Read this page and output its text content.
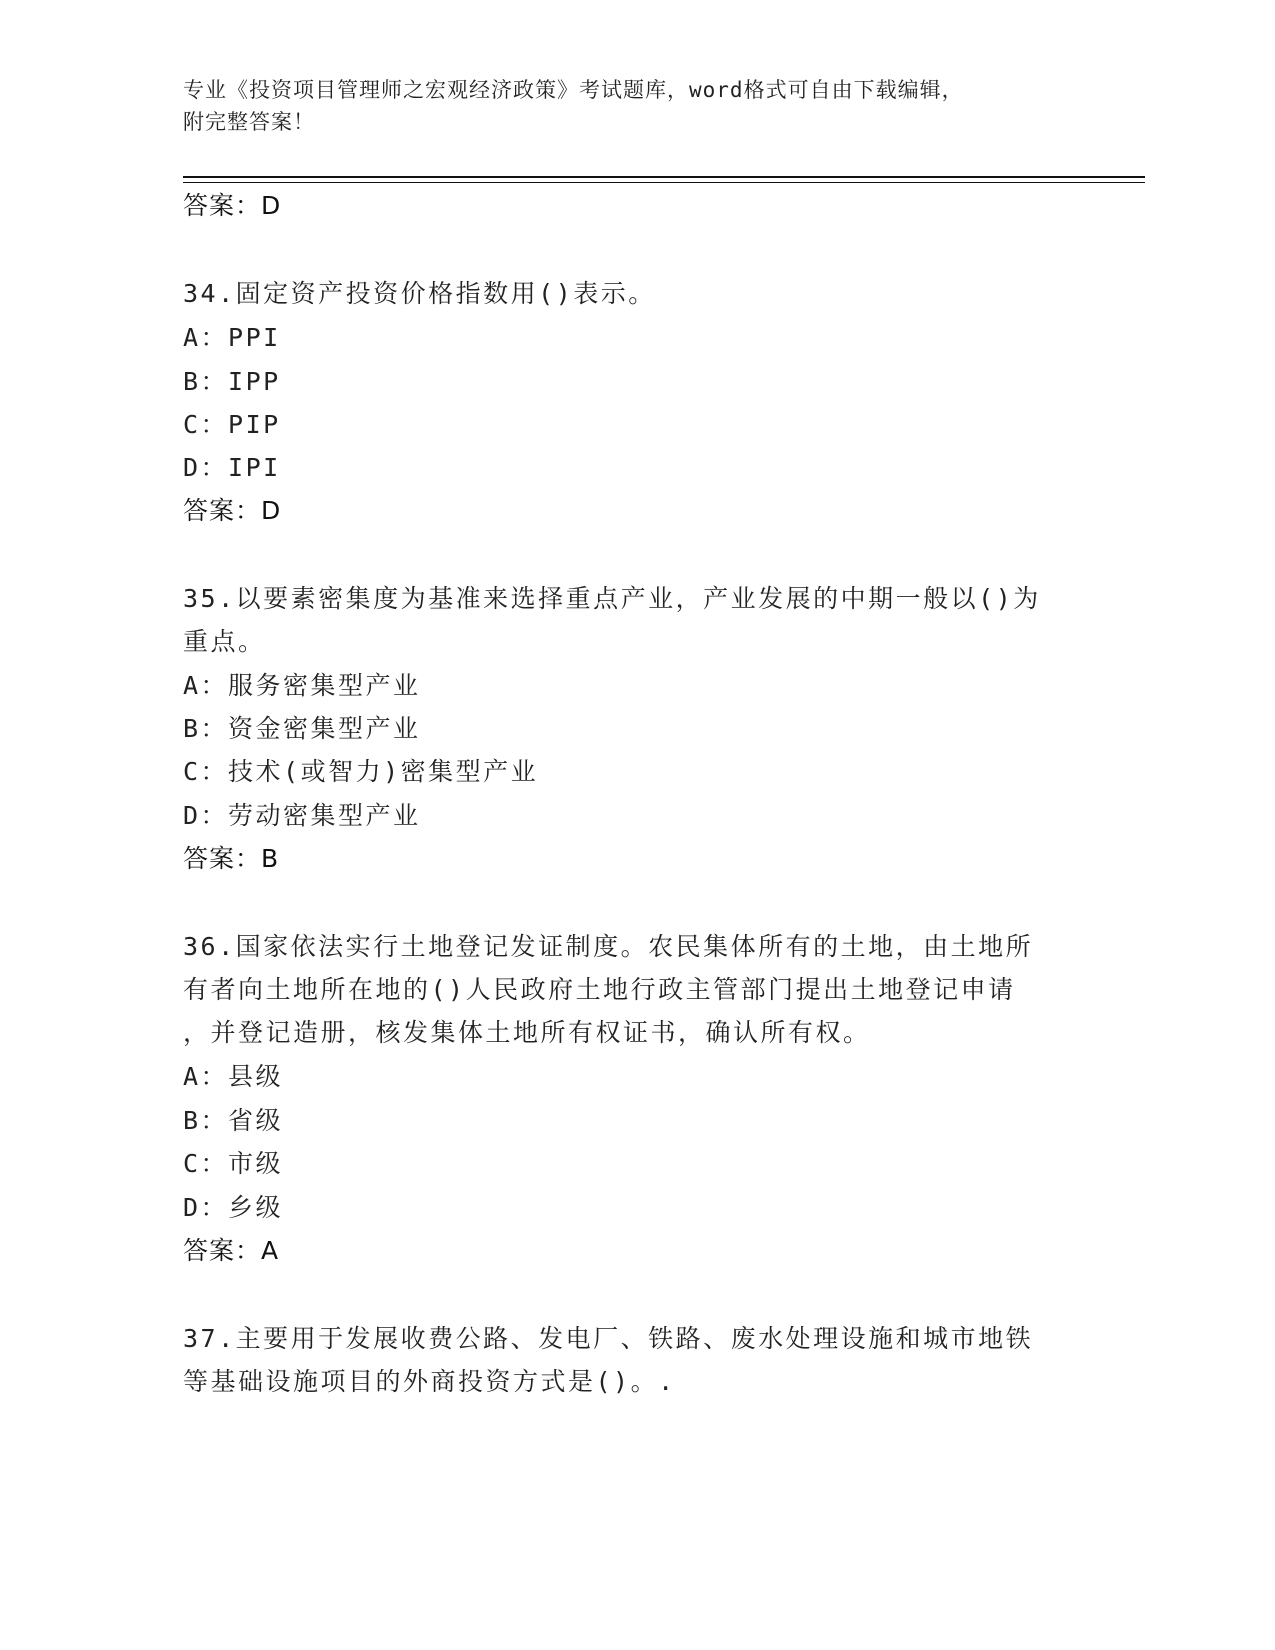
专业《投资项目管理师之宏观经济政策》考试题库，word格式可自由下载编辑，
附完整答案！
答案：D
34.固定资产投资价格指数用()表示。
A：PPI
B：IPP
C：PIP
D：IPI
答案：D
35.以要素密集度为基准来选择重点产业，产业发展的中期一般以()为
重点。
A：服务密集型产业
B：资金密集型产业
C：技术(或智力)密集型产业
D：劳动密集型产业
答案：B
36.国家依法实行土地登记发证制度。农民集体所有的土地，由土地所
有者向土地所在地的()人民政府土地行政主管部门提出土地登记申请
，并登记造册，核发集体土地所有权证书，确认所有权。
A：县级
B：省级
C：市级
D：乡级
答案：A
37.主要用于发展收费公路、发电厂、铁路、废水处理设施和城市地铁
等基础设施项目的外商投资方式是()。.
